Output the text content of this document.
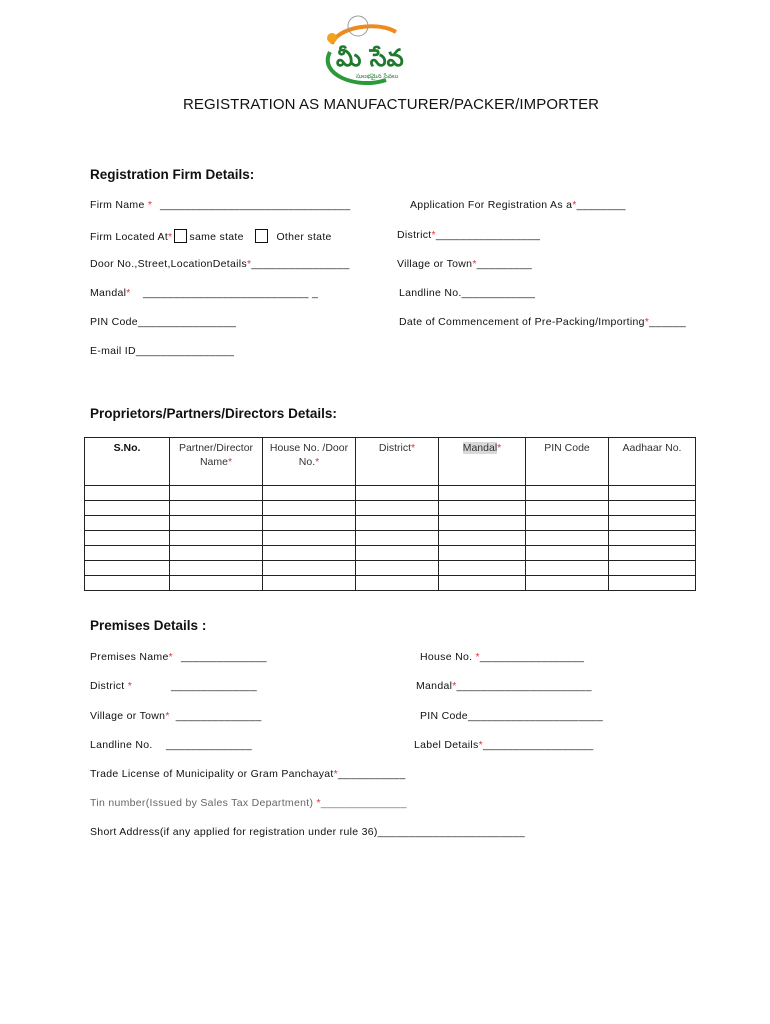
మీ సేవ
సులభమైన సేవలు
REGISTRATION AS MANUFACTURER/PACKER/IMPORTER
Registration Firm Details:
Firm Name * _______________________________	Application For Registration As a*________
Firm Located At* same state	Other state	District*_________________
Door No.,Street,LocationDetails*________________	Village or Town*_________
Mandal* ___________________________ _	Landline No.____________
PIN Code________________	Date of Commencement of Pre-Packing/Importing*______
E-mail ID________________
Proprietors/Partners/Directors Details:
S.No.	Partner/Director Name*	House No. /Door No.*	District*	Mandal*	PIN Code	Aadhaar No.

Premises Details :
Premises Name* ______________	House No. *_________________
District *	______________	Mandal*______________________
Village or Town* ______________	PIN Code______________________
Landline No. ______________	Label Details*__________________
Trade License of Municipality or Gram Panchayat*___________
Tin number(Issued by Sales Tax Department) *______________
Short Address(if any applied for registration under rule 36)________________________
